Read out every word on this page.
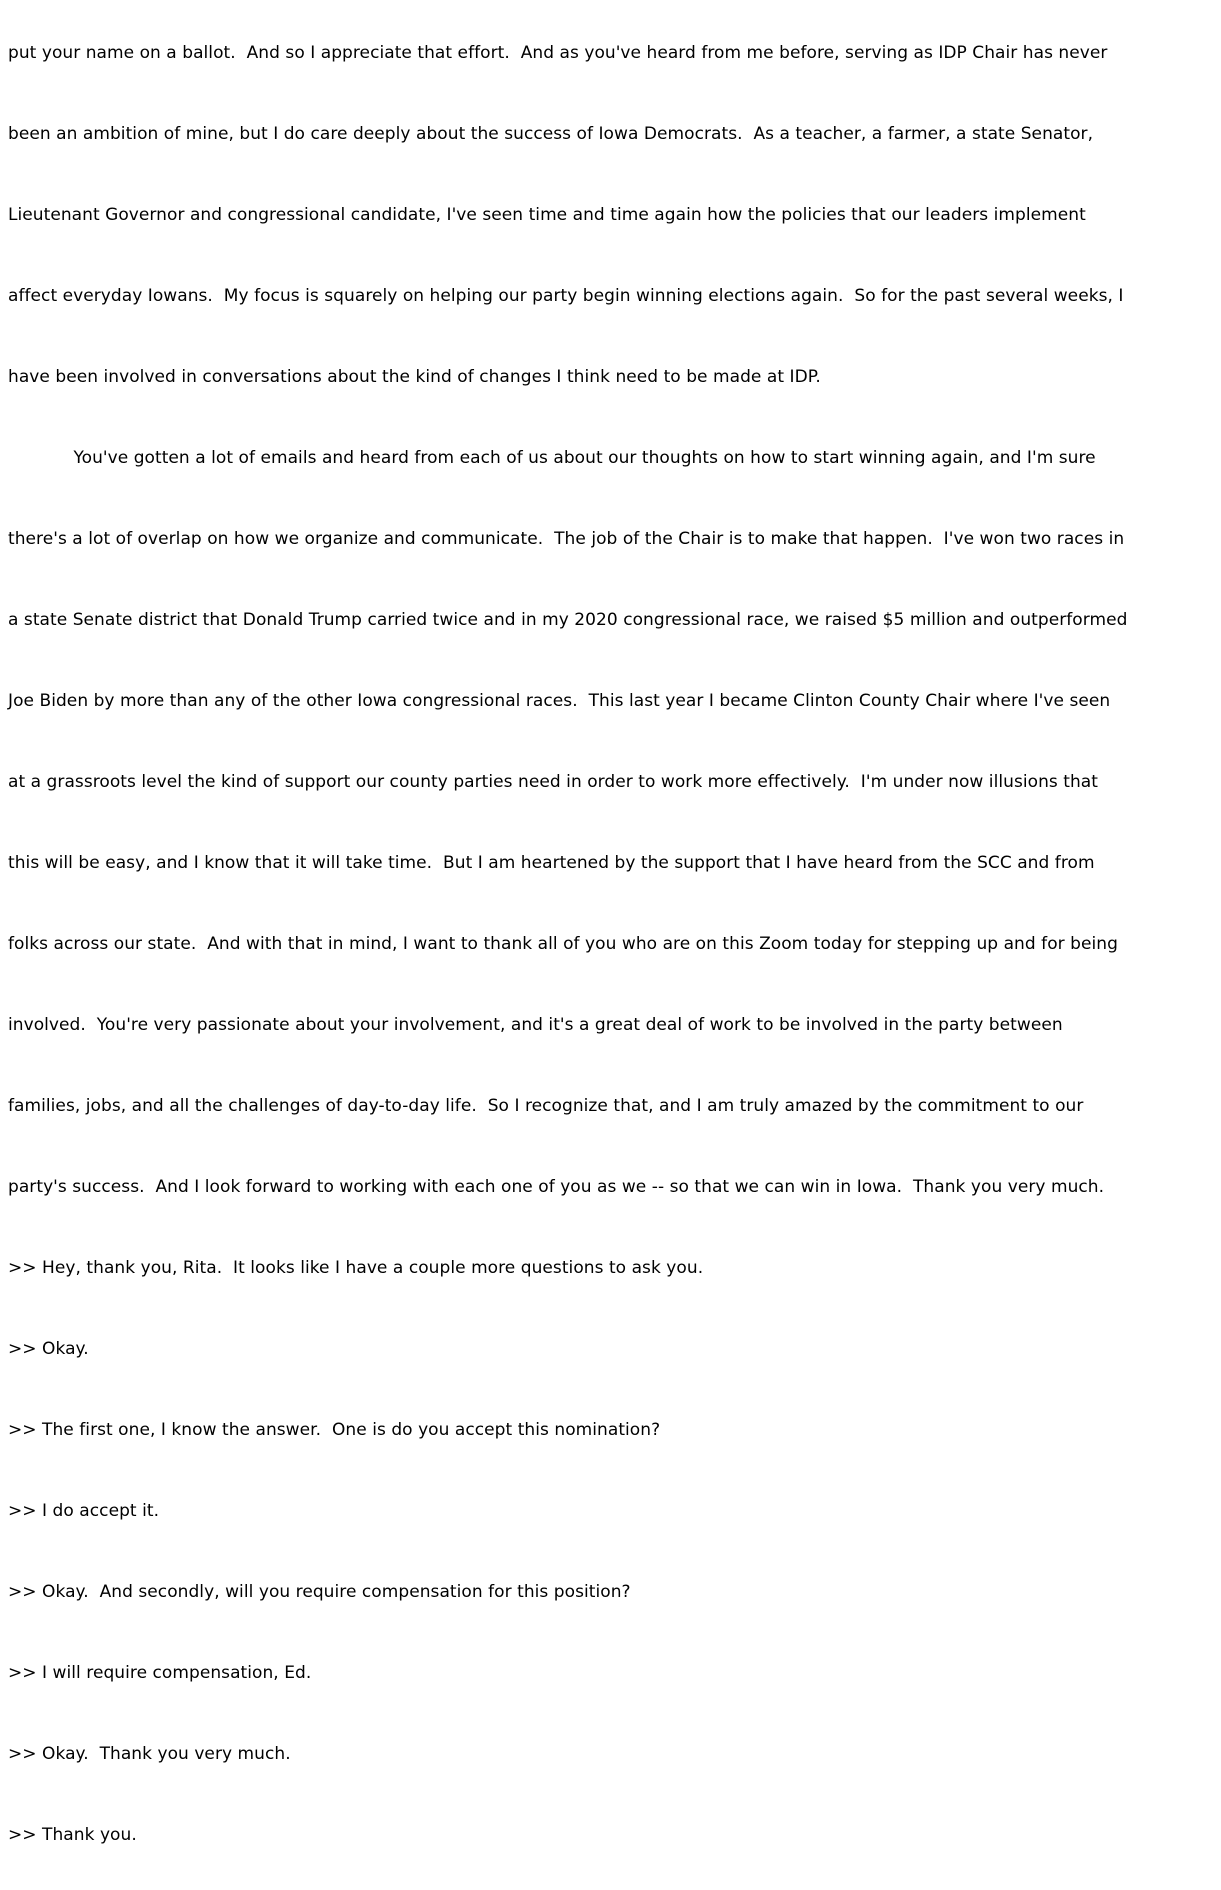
put your name on a ballot.  And so I appreciate that effort.  And as you've heard from me before, serving as IDP Chair has never

been an ambition of mine, but I do care deeply about the success of Iowa Democrats.  As a teacher, a farmer, a state Senator,

Lieutenant Governor and congressional candidate, I've seen time and time again how the policies that our leaders implement

affect everyday Iowans.  My focus is squarely on helping our party begin winning elections again.  So for the past several weeks, I

have been involved in conversations about the kind of changes I think need to be made at IDP.

You've gotten a lot of emails and heard from each of us about our thoughts on how to start winning again, and I'm sure

there's a lot of overlap on how we organize and communicate.  The job of the Chair is to make that happen.  I've won two races in

a state Senate district that Donald Trump carried twice and in my 2020 congressional race, we raised $5 million and outperformed

Joe Biden by more than any of the other Iowa congressional races.  This last year I became Clinton County Chair where I've seen

at a grassroots level the kind of support our county parties need in order to work more effectively.  I'm under now illusions that

this will be easy, and I know that it will take time.  But I am heartened by the support that I have heard from the SCC and from

folks across our state.  And with that in mind, I want to thank all of you who are on this Zoom today for stepping up and for being

involved.  You're very passionate about your involvement, and it's a great deal of work to be involved in the party between

families, jobs, and all the challenges of day-to-day life.  So I recognize that, and I am truly amazed by the commitment to our

party's success.  And I look forward to working with each one of you as we -- so that we can win in Iowa.  Thank you very much.

>> Hey, thank you, Rita.  It looks like I have a couple more questions to ask you.

>> Okay.

>> The first one, I know the answer.  One is do you accept this nomination?

>> I do accept it.

>> Okay.  And secondly, will you require compensation for this position?

>> I will require compensation, Ed.

>> Okay.  Thank you very much.

>> Thank you.
